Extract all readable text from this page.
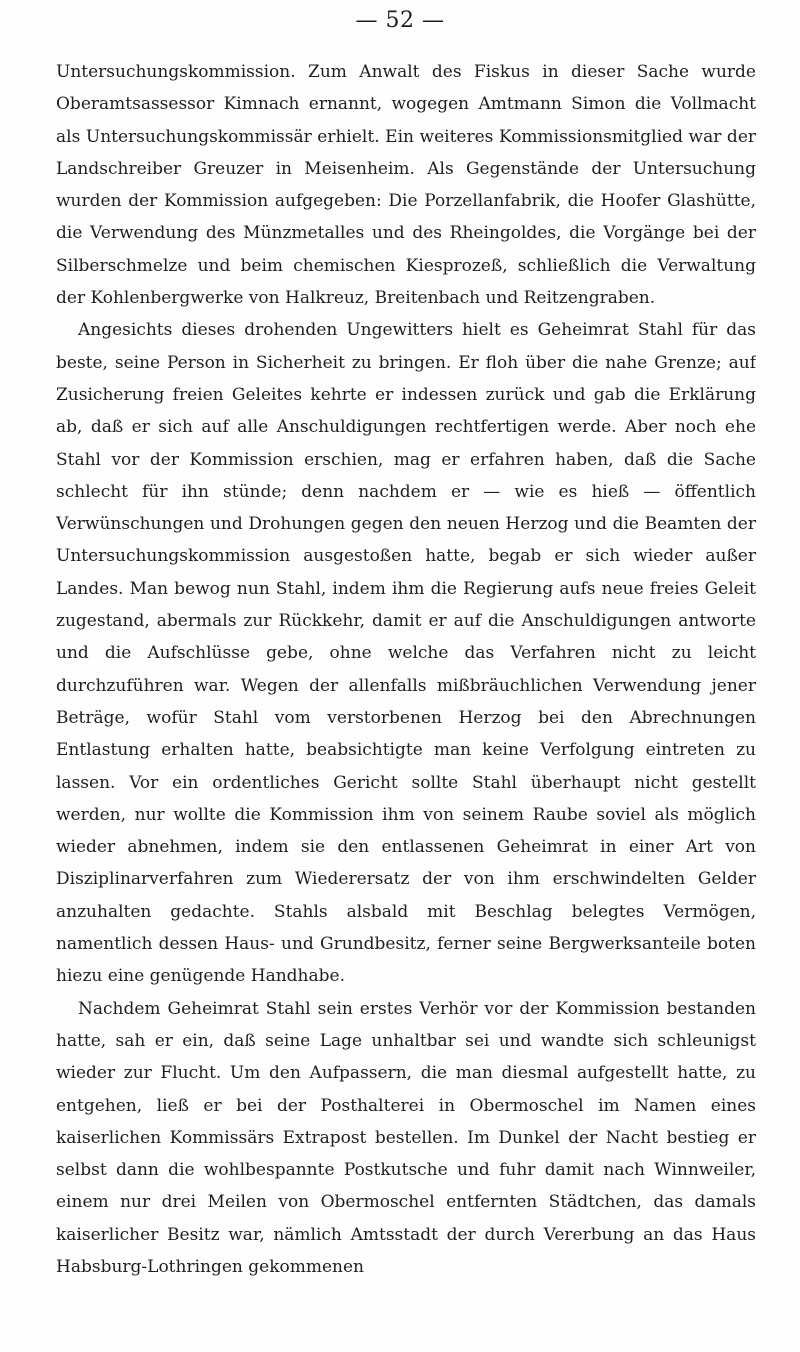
— 52 —

Untersuchungskommission. Zum Anwalt des Fiskus in dieser Sache wurde Oberamtsassessor Kimnach ernannt, wogegen Amtmann Simon die Vollmacht als Untersuchungskommissär erhielt. Ein weiteres Kommissionsmitglied war der Landschreiber Greuzer in Meisenheim. Als Gegenstände der Untersuchung wurden der Kommission aufgegeben: Die Porzellanfabrik, die Hoofer Glashütte, die Verwendung des Münzmetalles und des Rheingoldes, die Vorgänge bei der Silberschmelze und beim chemischen Kiesprozeß, schließlich die Verwaltung der Kohlenbergwerke von Halkreuz, Breitenbach und Reitzengraben.

Angesichts dieses drohenden Ungewitters hielt es Geheimrat Stahl für das beste, seine Person in Sicherheit zu bringen. Er floh über die nahe Grenze; auf Zusicherung freien Geleites kehrte er indessen zurück und gab die Erklärung ab, daß er sich auf alle Anschuldigungen rechtfertigen werde. Aber noch ehe Stahl vor der Kommission erschien, mag er erfahren haben, daß die Sache schlecht für ihn stünde; denn nachdem er — wie es hieß — öffentlich Verwünschungen und Drohungen gegen den neuen Herzog und die Beamten der Untersuchungskommission ausgestoßen hatte, begab er sich wieder außer Landes. Man bewog nun Stahl, indem ihm die Regierung aufs neue freies Geleit zugestand, abermals zur Rückkehr, damit er auf die Anschuldigungen antworte und die Aufschlüsse gebe, ohne welche das Verfahren nicht zu leicht durchzuführen war. Wegen der allenfalls mißbräuchlichen Verwendung jener Beträge, wofür Stahl vom verstorbenen Herzog bei den Abrechnungen Entlastung erhalten hatte, beabsichtigte man keine Verfolgung eintreten zu lassen. Vor ein ordentliches Gericht sollte Stahl überhaupt nicht gestellt werden, nur wollte die Kommission ihm von seinem Raube soviel als möglich wieder abnehmen, indem sie den entlassenen Geheimrat in einer Art von Disziplinarverfahren zum Wiederersatz der von ihm erschwindelten Gelder anzuhalten gedachte. Stahls alsbald mit Beschlag belegtes Vermögen, namentlich dessen Haus- und Grundbesitz, ferner seine Bergwerksanteile boten hiezu eine genügende Handhabe.

Nachdem Geheimrat Stahl sein erstes Verhör vor der Kommission bestanden hatte, sah er ein, daß seine Lage unhaltbar sei und wandte sich schleunigst wieder zur Flucht. Um den Aufpassern, die man diesmal aufgestellt hatte, zu entgehen, ließ er bei der Posthalterei in Obermoschel im Namen eines kaiserlichen Kommissärs Extrapost bestellen. Im Dunkel der Nacht bestieg er selbst dann die wohlbespannte Postkutsche und fuhr damit nach Winnweiler, einem nur drei Meilen von Obermoschel entfernten Städtchen, das damals kaiserlicher Besitz war, nämlich Amtsstadt der durch Vererbung an das Haus Habsburg-Lothringen gekommenen
